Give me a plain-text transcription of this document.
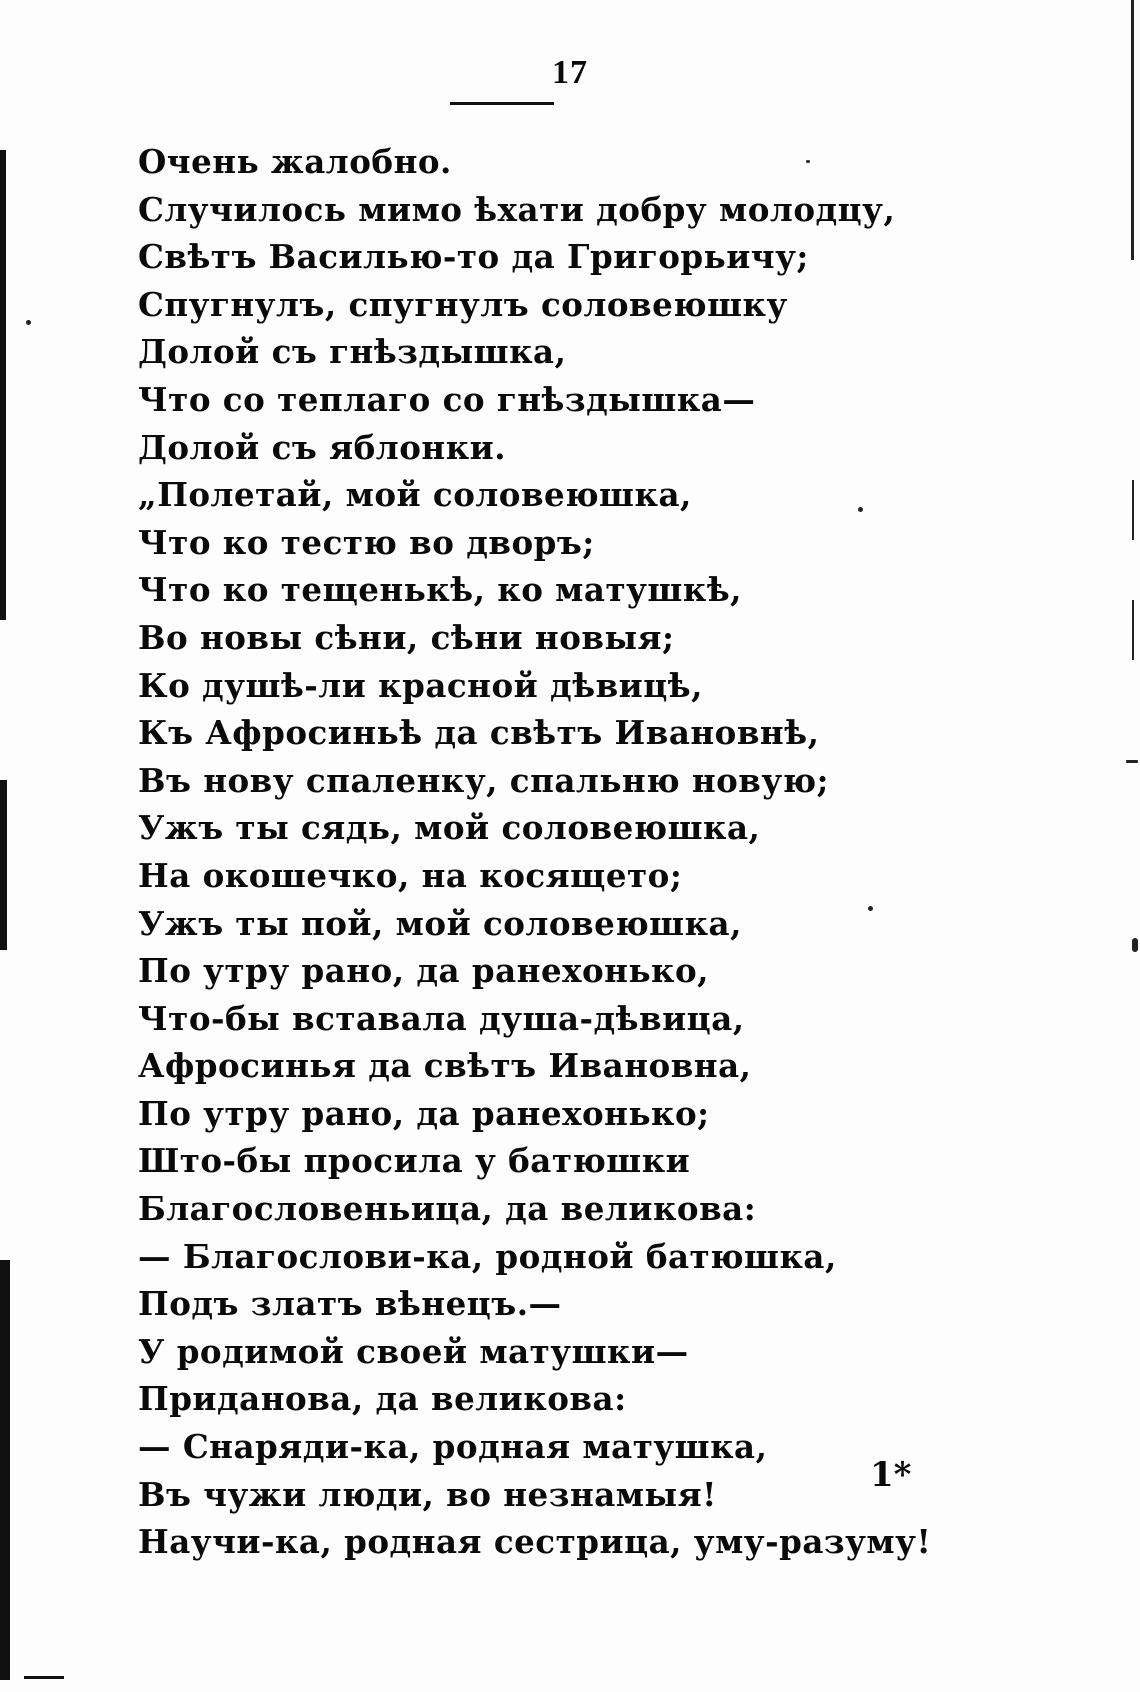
17
Очень жалобно.
Случилось мимо ѣхати добру молодцу,
Свѣтъ Василью-то да Григорьичу;
Спугнулъ, спугнулъ соловеюшку
Долой съ гнѣздышка,
Что со теплаго со гнѣздышка—
Долой съ яблонки.
„Полетай, мой соловеюшка,
Что ко тестю во дворъ;
Что ко тещенькѣ, ко матушкѣ,
Во новы сѣни, сѣни новыя;
Ко душѣ-ли красной дѣвицѣ,
Къ Афросиньѣ да свѣтъ Ивановнѣ,
Въ нову спаленку, спальню новую;
Ужъ ты сядь, мой соловеюшка,
На окошечко, на косящето;
Ужъ ты пой, мой соловеюшка,
По утру рано, да ранехонько,
Что-бы вставала душа-дѣвица,
Афросинья да свѣтъ Ивановна,
По утру рано, да ранехонько;
Што-бы просила у батюшки
Благословеньица, да великова:
— Благослови-ка, родной батюшка,
Подъ златъ вѣнецъ.—
У родимой своей матушки—
Приданова, да великова:
— Снаряди-ка, родная матушка,
Въ чужи люди, во незнамыя!
Научи-ка, родная сестрица, уму-разуму!
1*
